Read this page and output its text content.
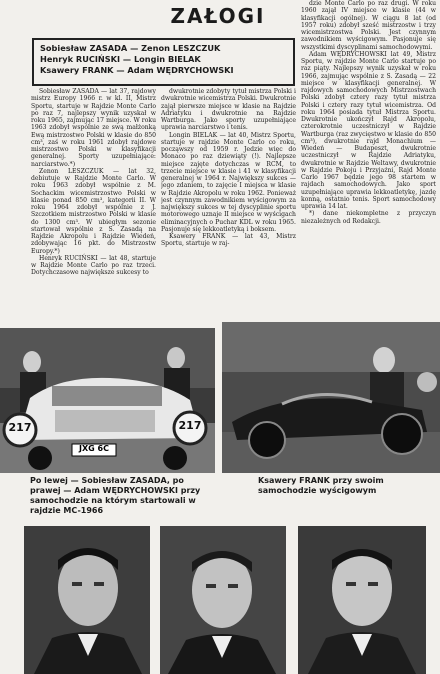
ZAŁOGI
Sobiesław ZASADA — Zenon LESZCZUK
Henryk RUCIŃSKI — Longin BIELAK
Ksawery FRANK — Adam WĘDRYCHOWSKI

Sobiesław ZASADA — lat 37, rajdowy mistrz Europy 1966 r. w kl. II, Mistrz Sportu, startuje w Rajdzie Monte Carlo po raz 7, najlepszy wynik uzyskał w roku 1965, zajmując 17 miejsce. W roku 1963 zdobył wspólnie ze swą małżonką Ewą mistrzostwo Polski w klasie do 850 cm³, zaś w roku 1961 zdobył rajdowe mistrzostwo Polski w klasyfikacji generalnej. Sporty uzupełniające: narciarstwo.*)

Zenon LESZCZUK — lat 32, debiutuje w Rajdzie Monte Carlo. W roku 1963 zdobył wspólnie z M. Sochackim wicemistrzostwo Polski w klasie ponad 850 cm³, kategorii II. W roku 1964 zdobył wspólnie z J. Szczotkiem mistrzostwo Polski w klasie do 1300 cm³. W ubiegłym sezonie startował wspólnie z S. Zasadą na Rajdzie Akropolu i Rajdzie Wiedeń, zdobywając 16 pkt. do Mistrzostw Europy.*)

Henryk RUCIŃSKI — lat 48, startuje w Rajdzie Monte Carlo po raz trzeci. Dotychczasowe największe sukcesy to

dwukrotnie zdobyty tytuł mistrza Polski i dwukrotnie wicemistrza Polski. Dwukrotnie zajął pierwsze miejsce w klasie na Rajdzie Adriatyku i dwukrotnie na Rajdzie Wartburga. Jako sporty uzupełniające uprawia narciarstwo i tenis.

Longin BIELAK — lat 40, Mistrz Sportu, startuje w rajdzie Monte Carlo co roku, począwszy od 1959 r. Jedzie więc do Monaco po raz dziewiąty (!). Najlepsze miejsce zajęte dotychczas w RCM, to trzecie miejsce w klasie i 41 w klasyfikacji generalnej w 1964 r. Największy sukces — jego zdaniem, to zajęcie I miejsca w klasie w Rajdzie Akropolu w roku 1962. Ponieważ jest czynnym zawodnikiem wyścigowym za największy sukces w tej dyscyplinie sportu motorowego uznaje II miejsce w wyścigach eliminacyjnych o Puchar KDL w roku 1965. Pasjonuje się lekkoatletyką i boksem.

Ksawery FRANK — lat 43, Mistrz Sportu, startuje w raj-

dzie Monte Carlo po raz drugi. W roku 1960 zajął IV miejsce w klasie (44 w klasyfikacji ogólnej). W ciągu 8 lat (od 1957 roku) zdobył sześć mistrzostw i trzy wicemistrzostwa Polski. Jest czynnym zawodnikiem wyścigowym. Pasjonuje się wszystkimi dyscyplinami samochodowymi.

Adam WĘDRYCHOWSKI lat 49, Mistrz Sportu, w rajdzie Monte Carlo startuje po raz piąty. Najlepszy wynik uzyskał w roku 1966, zajmując wspólnie z S. Zasadą — 22 miejsce w klasyfikacji generalnej. W rajdowych samochodowych Mistrzostwach Polski zdobył cztery razy tytuł mistrza Polski i cztery razy tytuł wicemistrza. Od roku 1964 posiada tytuł Mistrza Sportu. Dwukrotnie ukończył Rajd Akropolu, czterokrotnie uczestniczył w Rajdzie Wartburga (raz zwycięstwo w klasie do 850 cm³), dwukrotnie rajd Monachium — Wiedeń — Budapeszt, dwukrotnie uczestniczył w Rajdzie Adriatyku, dwukrotnie w Rajdzie Weltawy, dwukrotnie w Rajdzie Pokoju i Przyjaźni, Rajd Monte Carlo 1967 będzie jego 98 startem w rajdach samochodowych. Jako sport uzupełniające uprawia lekkoatletykę, jazdę konną, ostatnio tenis. Sport samochodowy uprawia 14 lat.

*) dane niekompletne z przyczyn niezależnych od Redakcji.

217	217
JXG 6C
Po lewej — Sobiesław ZASADA, po prawej — Adam WĘDRYCHOWSKI przy samochodzie na którym startowali w rajdzie MC-1966
Ksawery FRANK przy swoim samochodzie wyścigowym
